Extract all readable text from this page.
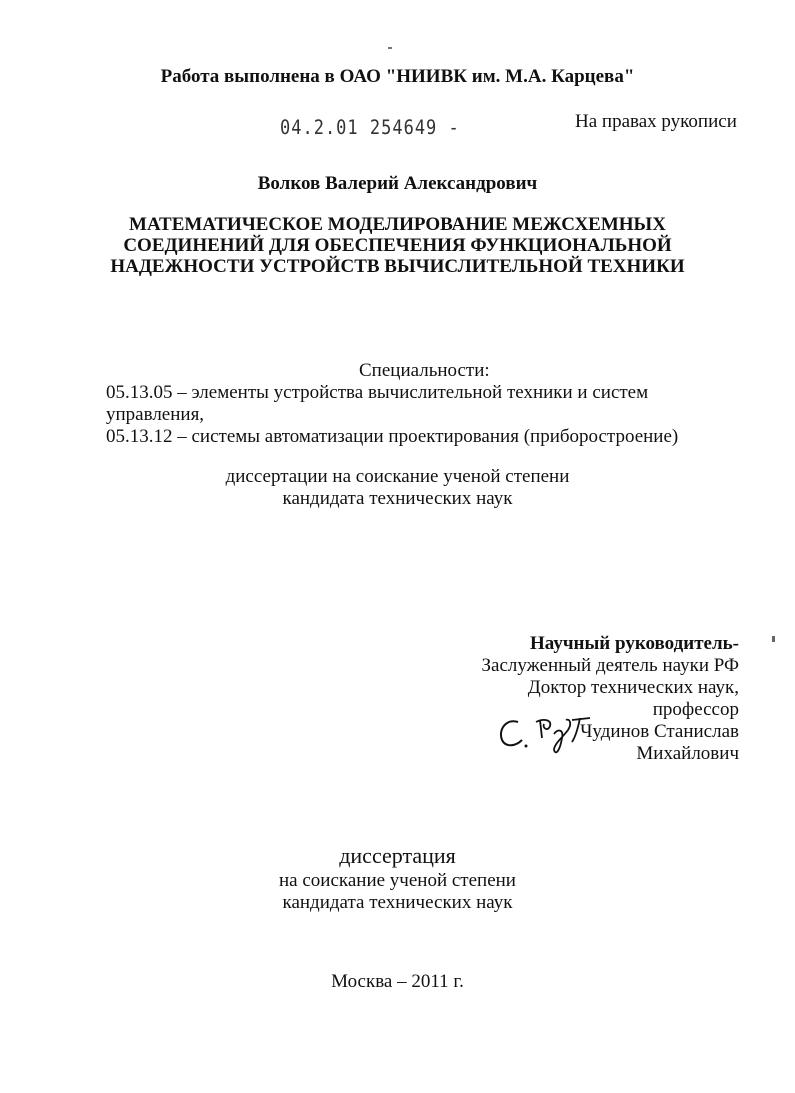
Работа выполнена в ОАО "НИИВК им. М.А. Карцева"
04.2.01 254649 -	На правах рукописи
Волков Валерий Александрович
МАТЕМАТИЧЕСКОЕ МОДЕЛИРОВАНИЕ МЕЖСХЕМНЫХ
СОЕДИНЕНИЙ ДЛЯ ОБЕСПЕЧЕНИЯ ФУНКЦИОНАЛЬНОЙ
НАДЕЖНОСТИ УСТРОЙСТВ ВЫЧИСЛИТЕЛЬНОЙ ТЕХНИКИ
Специальности:
05.13.05 – элементы устройства вычислительной техники и систем
управления,
05.13.12 – системы автоматизации проектирования (приборостроение)
диссертации на соискание ученой степени
кандидата технических наук
Научный руководитель-
Заслуженный деятель науки РФ
Доктор технических наук,
профессор
Чудинов Станислав
Михайлович
диссертация
на соискание ученой степени
кандидата технических наук
Москва – 2011 г.
